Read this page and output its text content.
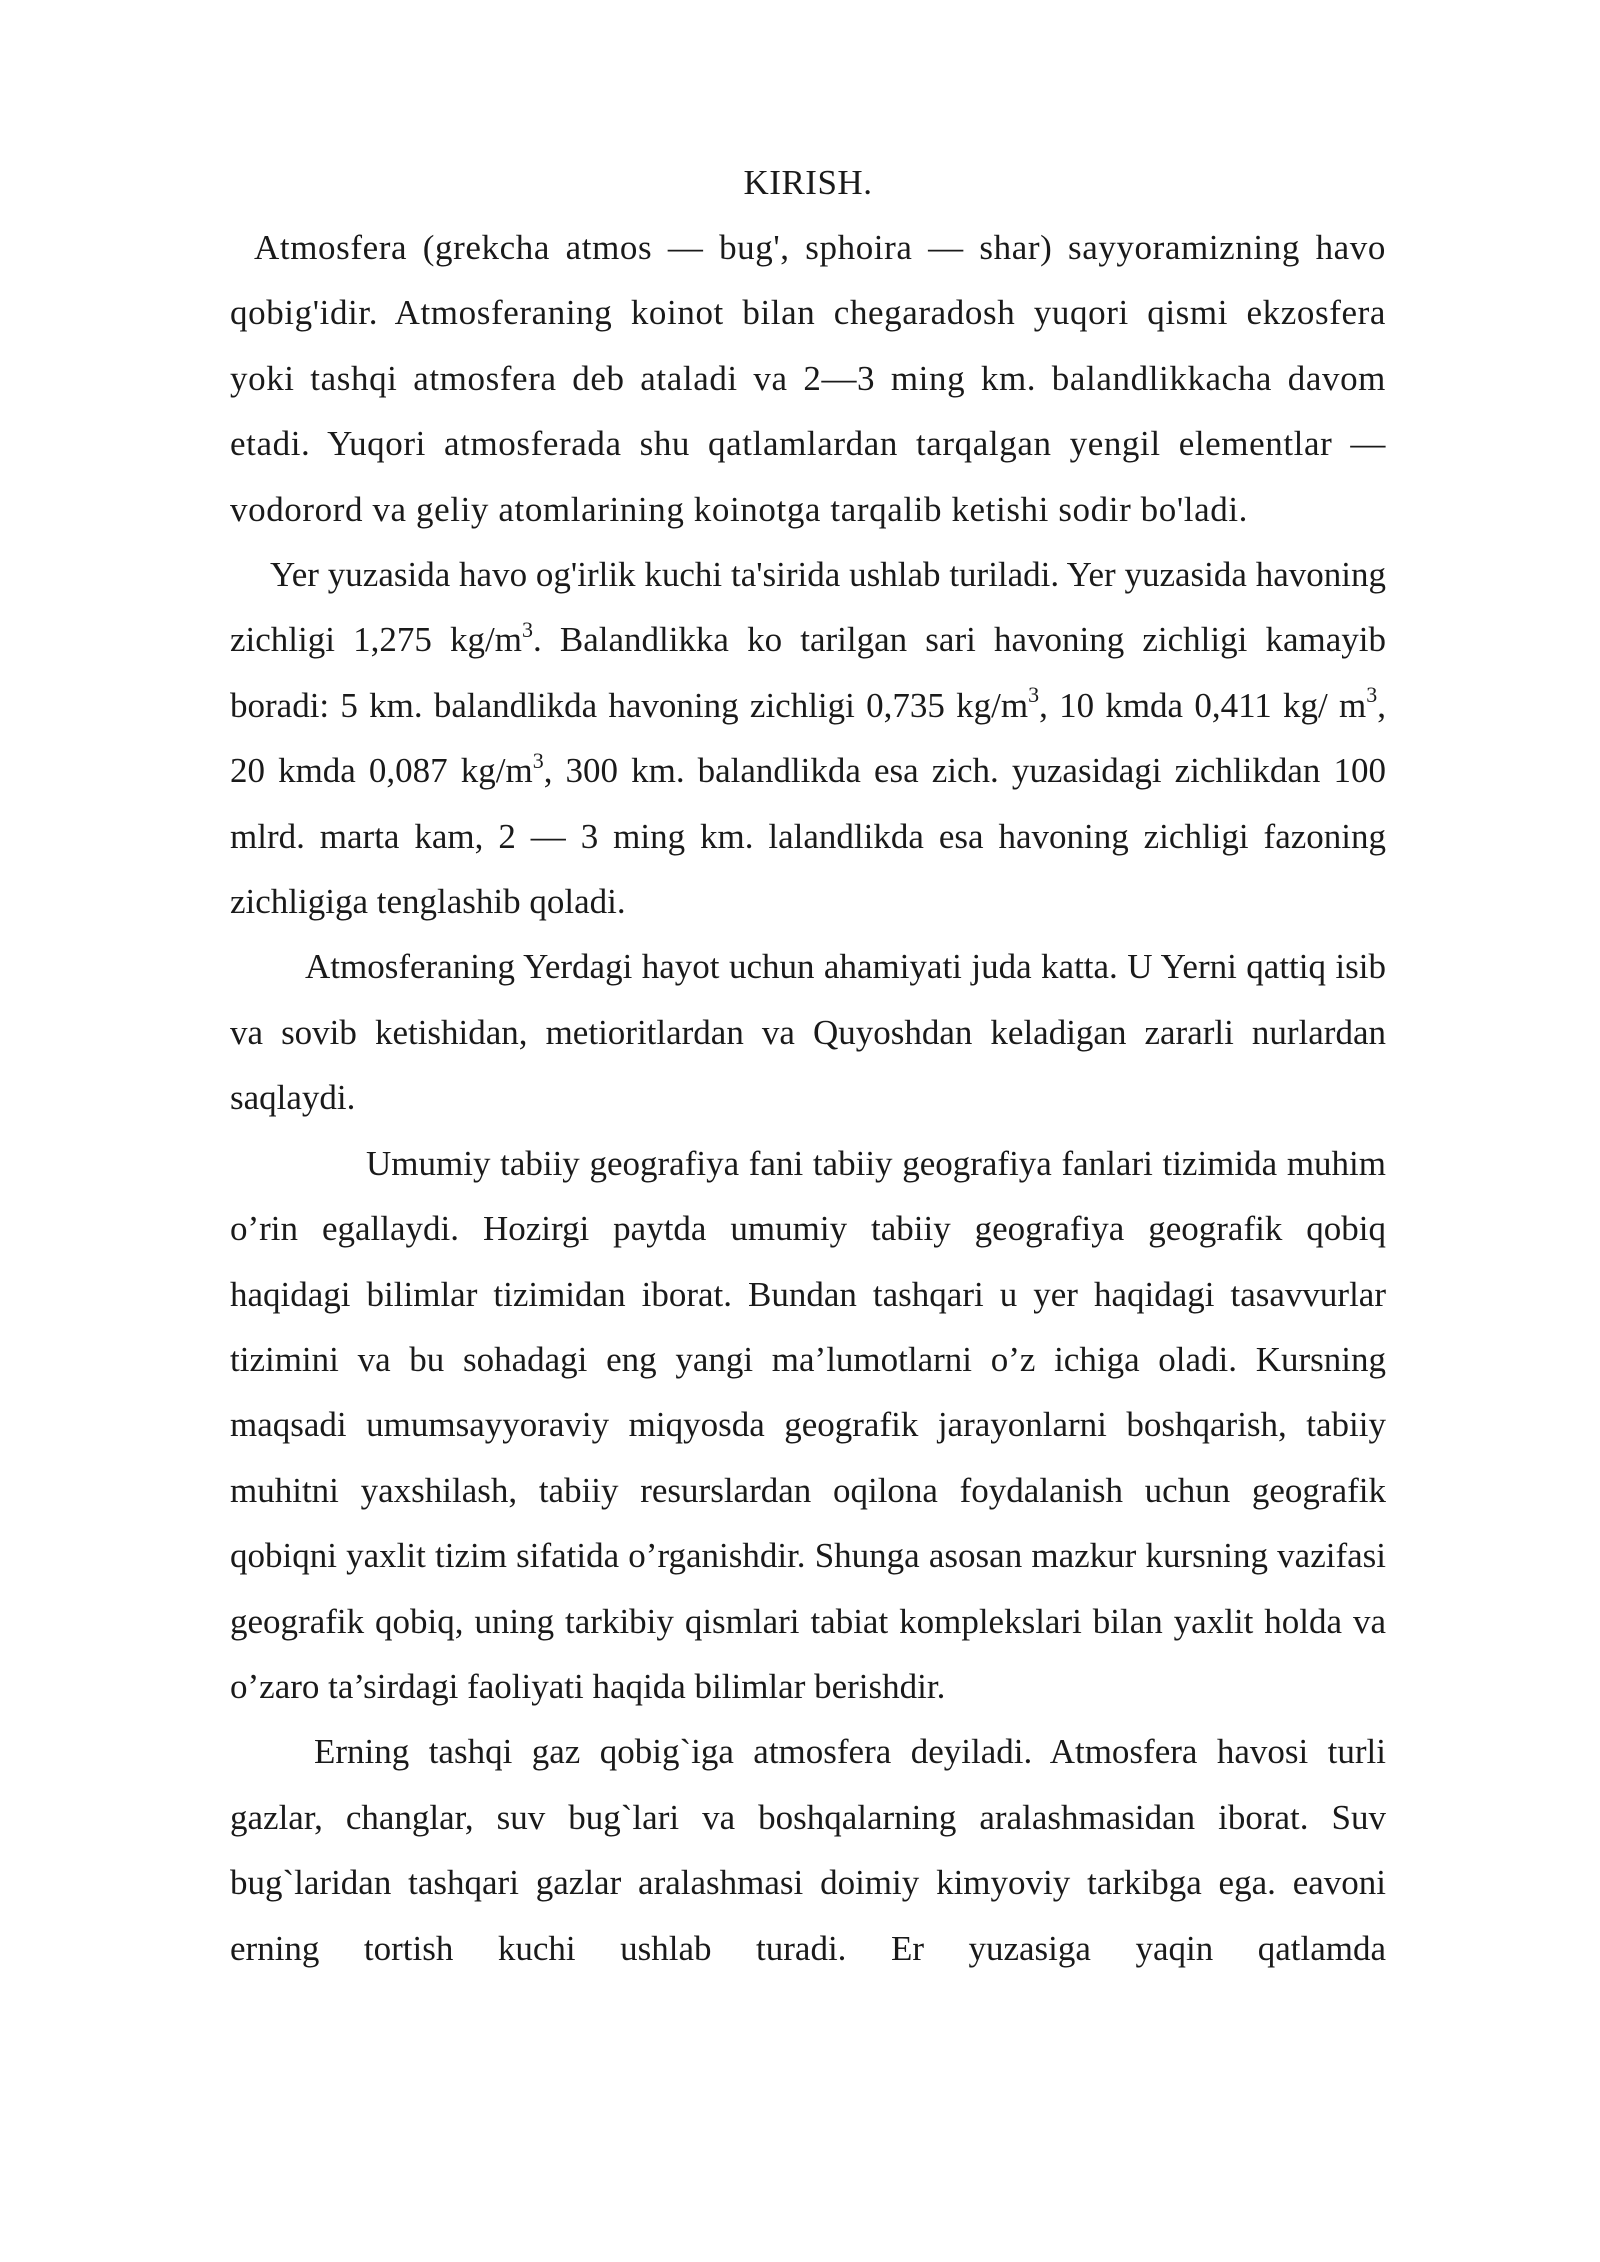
KIRISH.

Atmosfera (grekcha atmos — bug', sphoira — shar) sayyoramizning havo qobig'idir. Atmosferaning koinot bilan chegaradosh yuqori qismi ekzosfera yoki tashqi atmosfera deb ataladi va 2—3 ming km. balandlikkacha davom etadi. Yuqori atmosferada shu qatlamlardan tarqalgan yengil elementlar — vodorord va geliy atomlarining koinotga tarqalib ketishi sodir bo'ladi.

Yer yuzasida havo og'irlik kuchi ta'sirida ushlab turiladi. Yer yuzasida havoning zichligi 1,275 $kg/m^3$. Balandlikka ko tarilgan sari havoning zichligi kamayib boradi: 5 km. balandlikda havoning zichligi 0,735 $kg/m^3$, 10 kmda 0,411 kg/ $m^3$, 20 kmda 0,087 $kg/m^3$, 300 km. balandlikda esa zich. yuzasidagi zichlikdan 100 mlrd. marta kam, 2 — 3 ming km. lalandlikda esa havoning zichligi fazoning zichligiga tenglashib qoladi.

Atmosferaning Yerdagi hayot uchun ahamiyati juda katta. U Yerni qattiq isib va sovib ketishidan, metioritlardan va Quyoshdan keladigan zararli nurlardan saqlaydi.

Umumiy tabiiy geografiya fani tabiiy geografiya fanlari tizimida muhim o’rin egallaydi. Hozirgi paytda umumiy tabiiy geografiya geografik qobiq haqidagi bilimlar tizimidan iborat. Bundan tashqari u yer haqidagi tasavvurlar tizimini va bu sohadagi eng yangi ma’lumotlarni o’z ichiga oladi. Kursning maqsadi umumsayyoraviy miqyosda geografik jarayonlarni boshqarish, tabiiy muhitni yaxshilash, tabiiy resurslardan oqilona foydalanish uchun geografik qobiqni yaxlit tizim sifatida o’rganishdir. Shunga asosan mazkur kursning vazifasi geografik qobiq, uning tarkibiy qismlari tabiat komplekslari bilan yaxlit holda va o’zaro ta’sirdagi faoliyati haqida bilimlar berishdir.

Erning tashqi gaz qobig`iga atmosfera deyiladi. Atmosfera havosi turli gazlar, changlar, suv bug`lari va boshqalarning aralashmasidan iborat. Suv bug`laridan tashqari gazlar aralashmasi doimiy kimyoviy tarkibga ega. eavoni erning tortish kuchi ushlab turadi. Er yuzasiga yaqin qatlamda
